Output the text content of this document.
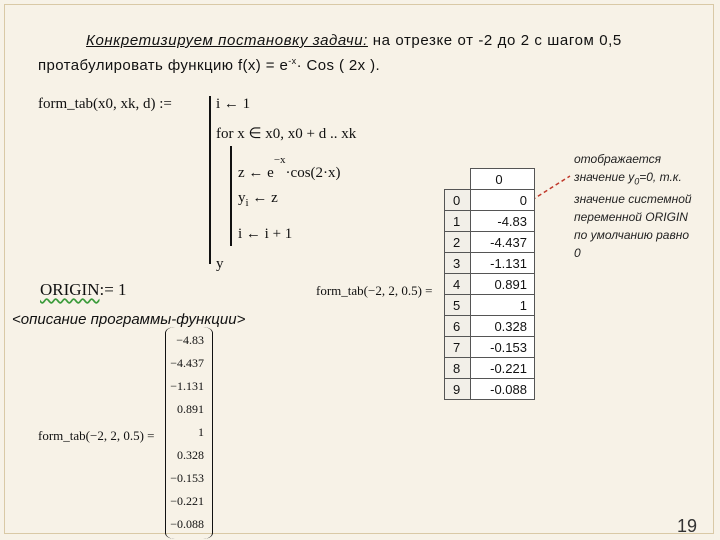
Конкретизируем постановку задачи: на отрезке от -2 до 2 с шагом 0,5
протабулировать функцию $f(x) = e^{-x}\cdot$ Cos ( 2x ).
form_tab(x0, xk, d) :=	i ← 1
for x ∈ x0, x0 + d .. xk
z ← $e^{-x}\cdot\cos(2\cdot x)$
$y_i$ ← z
i ← i + 1
y
ORIGIN:= 1	form_tab(−2, 2, 0.5) =
<описание программы-функции>
отображается
значение $y_0=0$, т.к.
значение системной
переменной ORIGIN
по умолчанию равно
0
	0
0	0
1	-4.83
2	-4.437
3	-1.131
4	0.891
5	1
6	0.328
7	-0.153
8	-0.221
9	-0.088
form_tab(−2, 2, 0.5) =
−4.83
−4.437
−1.131
0.891
1
0.328
−0.153
−0.221
−0.088	19
